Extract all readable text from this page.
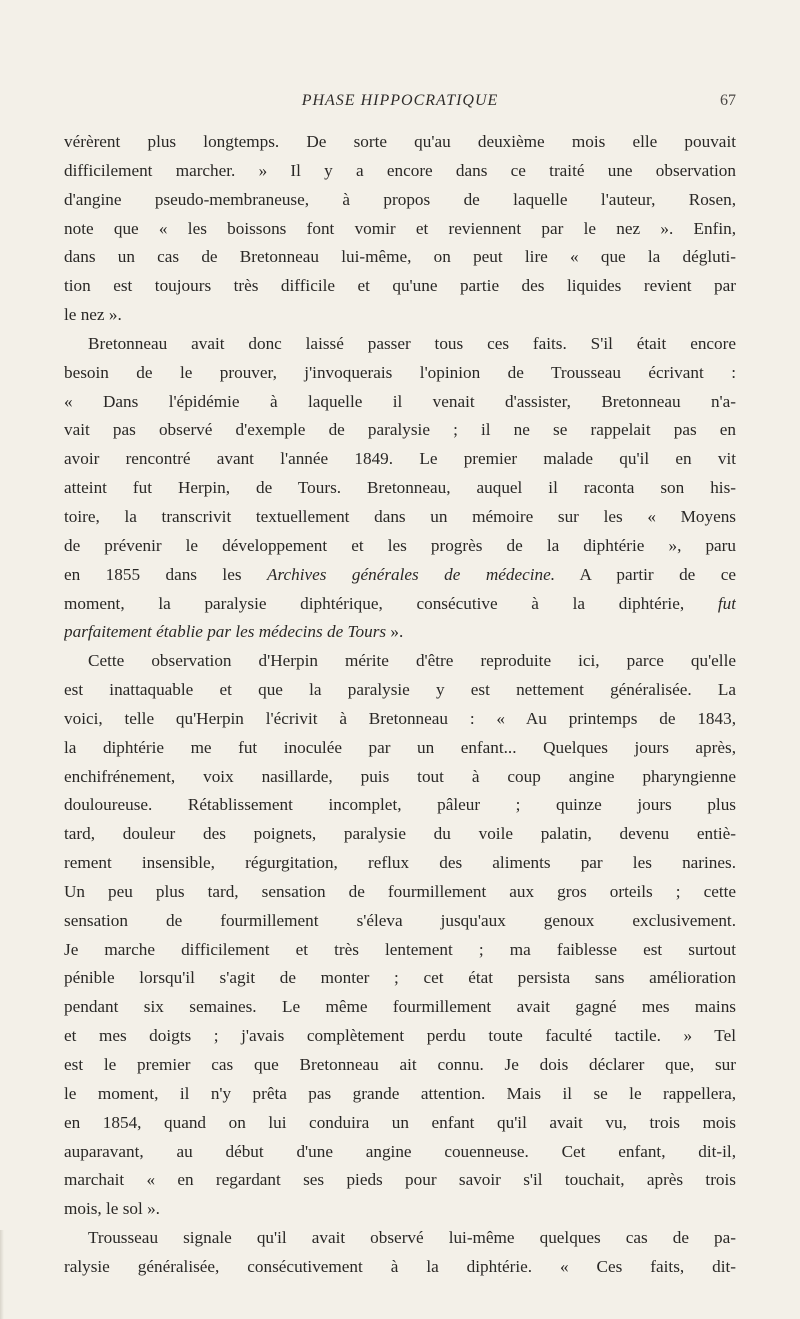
PHASE HIPPOCRATIQUE	67
vérèrent plus longtemps. De sorte qu'au deuxième mois elle pouvait
difficilement marcher. » Il y a encore dans ce traité une observation
d'angine pseudo-membraneuse, à propos de laquelle l'auteur, Rosen,
note que « les boissons font vomir et reviennent par le nez ». Enfin,
dans un cas de Bretonneau lui-même, on peut lire « que la dégluti-
tion est toujours très difficile et qu'une partie des liquides revient par
le nez ».
Bretonneau avait donc laissé passer tous ces faits. S'il était encore
besoin de le prouver, j'invoquerais l'opinion de Trousseau écrivant :
« Dans l'épidémie à laquelle il venait d'assister, Bretonneau n'a-
vait pas observé d'exemple de paralysie ; il ne se rappelait pas en
avoir rencontré avant l'année 1849. Le premier malade qu'il en vit
atteint fut Herpin, de Tours. Bretonneau, auquel il raconta son his-
toire, la transcrivit textuellement dans un mémoire sur les « Moyens
de prévenir le développement et les progrès de la diphtérie », paru
en 1855 dans les Archives générales de médecine. A partir de ce
moment, la paralysie diphtérique, consécutive à la diphtérie, fut
parfaitement établie par les médecins de Tours ».
Cette observation d'Herpin mérite d'être reproduite ici, parce qu'elle
est inattaquable et que la paralysie y est nettement généralisée. La
voici, telle qu'Herpin l'écrivit à Bretonneau : « Au printemps de 1843,
la diphtérie me fut inoculée par un enfant... Quelques jours après,
enchifrénement, voix nasillarde, puis tout à coup angine pharyngienne
douloureuse. Rétablissement incomplet, pâleur ; quinze jours plus
tard, douleur des poignets, paralysie du voile palatin, devenu entiè-
rement insensible, régurgitation, reflux des aliments par les narines.
Un peu plus tard, sensation de fourmillement aux gros orteils ; cette
sensation de fourmillement s'éleva jusqu'aux genoux exclusivement.
Je marche difficilement et très lentement ; ma faiblesse est surtout
pénible lorsqu'il s'agit de monter ; cet état persista sans amélioration
pendant six semaines. Le même fourmillement avait gagné mes mains
et mes doigts ; j'avais complètement perdu toute faculté tactile. » Tel
est le premier cas que Bretonneau ait connu. Je dois déclarer que, sur
le moment, il n'y prêta pas grande attention. Mais il se le rappellera,
en 1854, quand on lui conduira un enfant qu'il avait vu, trois mois
auparavant, au début d'une angine couenneuse. Cet enfant, dit-il,
marchait « en regardant ses pieds pour savoir s'il touchait, après trois
mois, le sol ».
Trousseau signale qu'il avait observé lui-même quelques cas de pa-
ralysie généralisée, consécutivement à la diphtérie. « Ces faits, dit-
